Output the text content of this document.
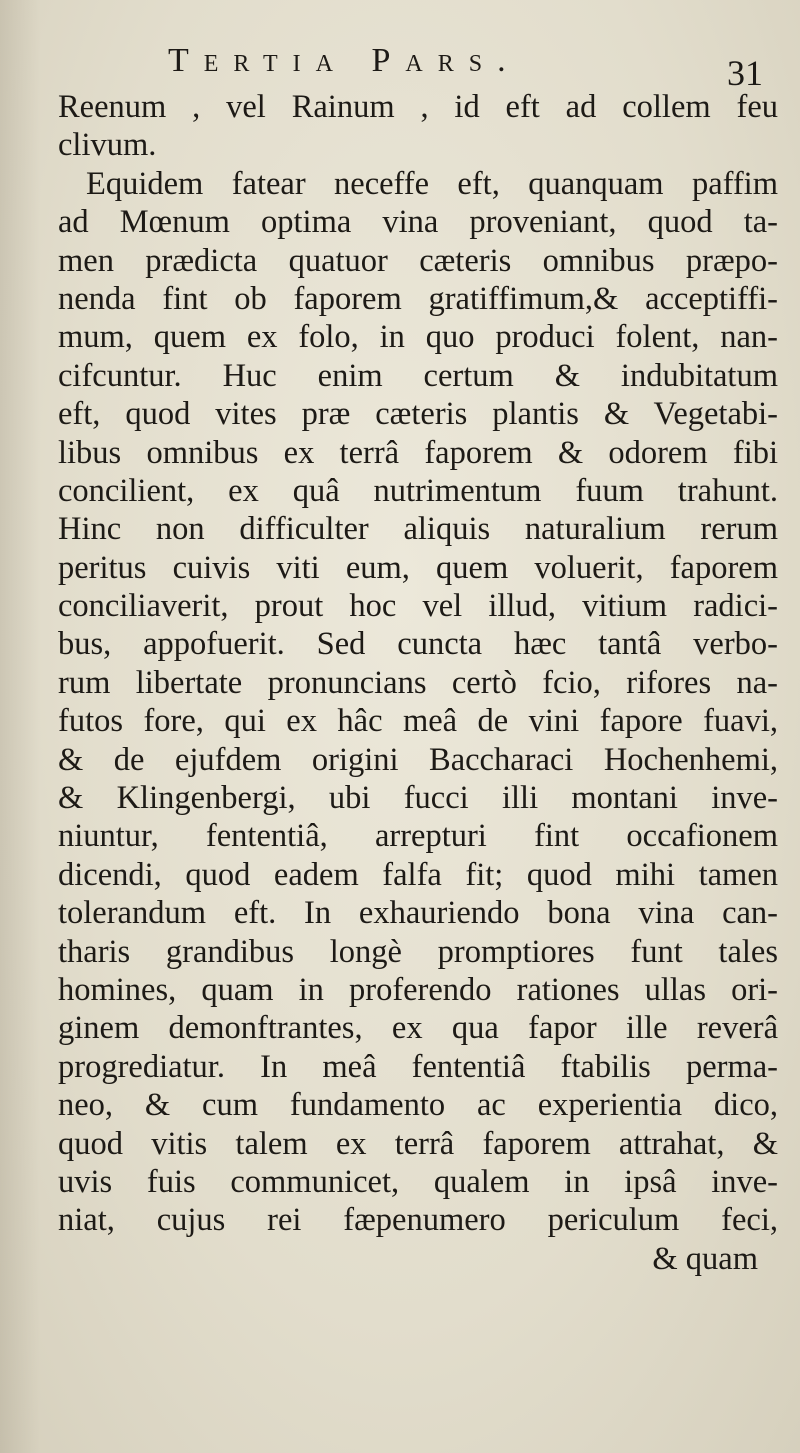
Tertia Pars.	31
Reenum , vel Rainum , id eft ad collem feu
clivum.
Equidem fatear neceffe eft, quanquam paffim
ad Mœnum optima vina proveniant, quod ta-
men prædicta quatuor cæteris omnibus præpo-
nenda fint ob faporem gratiffimum,& acceptiffi-
mum, quem ex folo, in quo produci folent, nan-
cifcuntur. Huc enim certum & indubitatum
eft, quod vites præ cæteris plantis & Vegetabi-
libus omnibus ex terrâ faporem & odorem fibi
concilient, ex quâ nutrimentum fuum trahunt.
Hinc non difficulter aliquis naturalium rerum
peritus cuivis viti eum, quem voluerit, faporem
conciliaverit, prout hoc vel illud, vitium radici-
bus, appofuerit. Sed cuncta hæc tantâ verbo-
rum libertate pronuncians certò fcio, rifores na-
futos fore, qui ex hâc meâ de vini fapore fuavi,
& de ejufdem origini Baccharaci Hochenhemi,
& Klingenbergi, ubi fucci illi montani inve-
niuntur, fententiâ, arrepturi fint occafionem
dicendi, quod eadem falfa fit; quod mihi tamen
tolerandum eft. In exhauriendo bona vina can-
tharis grandibus longè promptiores funt tales
homines, quam in proferendo rationes ullas ori-
ginem demonftrantes, ex qua fapor ille reverâ
progrediatur. In meâ fententiâ ftabilis perma-
neo, & cum fundamento ac experientia dico,
quod vitis talem ex terrâ faporem attrahat, &
uvis fuis communicet, qualem in ipsâ inve-
niat, cujus rei fæpenumero periculum feci,
& quam
